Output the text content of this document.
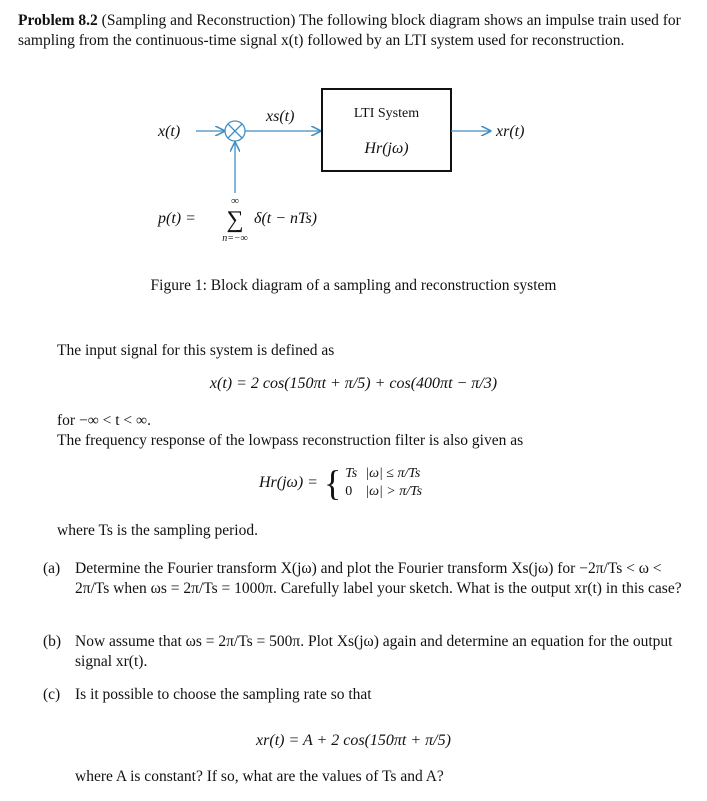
Problem 8.2 (Sampling and Reconstruction) The following block diagram shows an impulse train used for sampling from the continuous-time signal x(t) followed by an LTI system used for reconstruction.
x(t)
xs(t)	LTI System
Hr(jω)
xr(t)
p(t) =
∞
∑
n=−∞
δ(t − nTs)
Figure 1: Block diagram of a sampling and reconstruction system
The input signal for this system is defined as
x(t) = 2 cos(150πt + π/5) + cos(400πt − π/3)
for −∞ < t < ∞.
The frequency response of the lowpass reconstruction filter is also given as
Hr(jω) = { Ts	|ω| ≤ π/Ts
0	|ω| > π/Ts
where Ts is the sampling period.
(a) Determine the Fourier transform X(jω) and plot the Fourier transform Xs(jω) for −2π/Ts < ω < 2π/Ts when ωs = 2π/Ts = 1000π. Carefully label your sketch. What is the output xr(t) in this case?
(b) Now assume that ωs = 2π/Ts = 500π. Plot Xs(jω) again and determine an equation for the output signal xr(t).
(c) Is it possible to choose the sampling rate so that
xr(t) = A + 2 cos(150πt + π/5)
where A is constant? If so, what are the values of Ts and A?
